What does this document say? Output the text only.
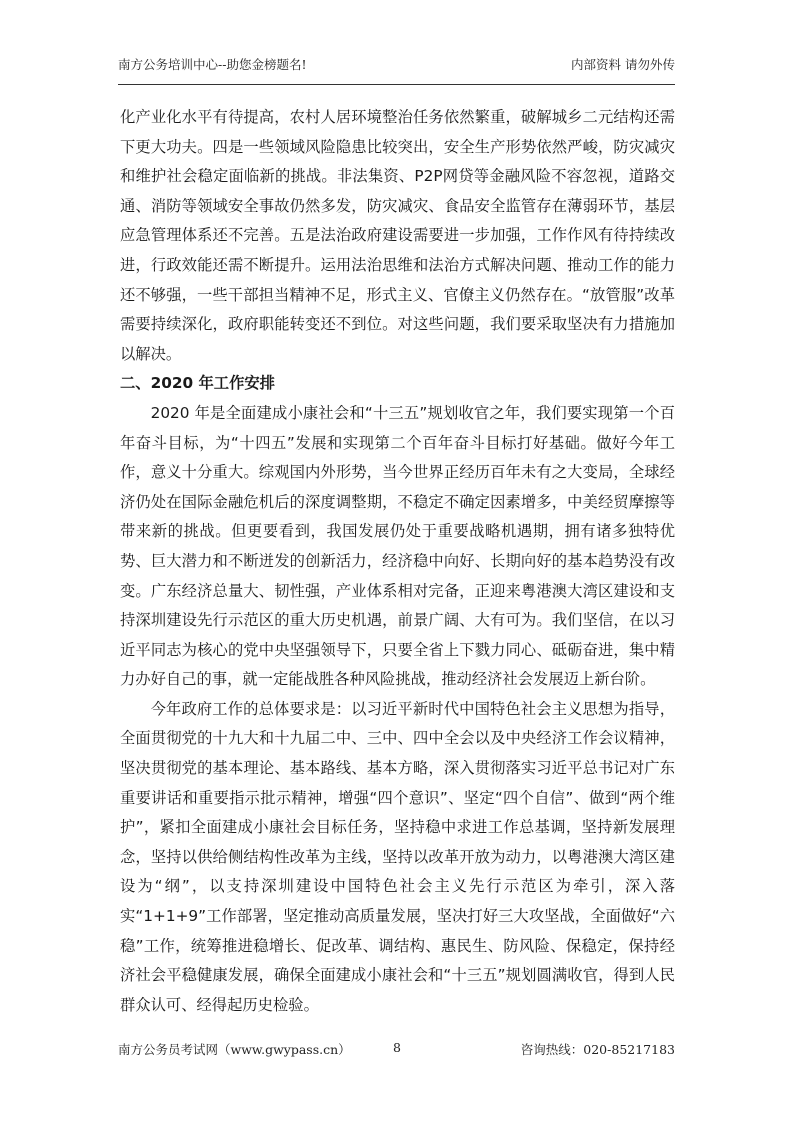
南方公务培训中心--助您金榜题名!	内部资料 请勿外传

化产业化水平有待提高，农村人居环境整治任务依然繁重，破解城乡二元结构还需下更大功夫。四是一些领域风险隐患比较突出，安全生产形势依然严峻，防灾减灾和维护社会稳定面临新的挑战。非法集资、P2P网贷等金融风险不容忽视，道路交通、消防等领域安全事故仍然多发，防灾减灾、食品安全监管存在薄弱环节，基层应急管理体系还不完善。五是法治政府建设需要进一步加强，工作作风有待持续改进，行政效能还需不断提升。运用法治思维和法治方式解决问题、推动工作的能力还不够强，一些干部担当精神不足，形式主义、官僚主义仍然存在。“放管服”改革需要持续深化，政府职能转变还不到位。对这些问题，我们要采取坚决有力措施加以解决。

二、2020 年工作安排

2020 年是全面建成小康社会和“十三五”规划收官之年，我们要实现第一个百年奋斗目标，为“十四五”发展和实现第二个百年奋斗目标打好基础。做好今年工作，意义十分重大。综观国内外形势，当今世界正经历百年未有之大变局，全球经济仍处在国际金融危机后的深度调整期，不稳定不确定因素增多，中美经贸摩擦等带来新的挑战。但更要看到，我国发展仍处于重要战略机遇期，拥有诸多独特优势、巨大潜力和不断迸发的创新活力，经济稳中向好、长期向好的基本趋势没有改变。广东经济总量大、韧性强，产业体系相对完备，正迎来粤港澳大湾区建设和支持深圳建设先行示范区的重大历史机遇，前景广阔、大有可为。我们坚信，在以习近平同志为核心的党中央坚强领导下，只要全省上下戮力同心、砥砺奋进，集中精力办好自己的事，就一定能战胜各种风险挑战，推动经济社会发展迈上新台阶。

今年政府工作的总体要求是：以习近平新时代中国特色社会主义思想为指导，全面贯彻党的十九大和十九届二中、三中、四中全会以及中央经济工作会议精神，坚决贯彻党的基本理论、基本路线、基本方略，深入贯彻落实习近平总书记对广东重要讲话和重要指示批示精神，增强“四个意识”、坚定“四个自信”、做到“两个维护”，紧扣全面建成小康社会目标任务，坚持稳中求进工作总基调，坚持新发展理念，坚持以供给侧结构性改革为主线，坚持以改革开放为动力，以粤港澳大湾区建设为“纲”，以支持深圳建设中国特色社会主义先行示范区为牵引，深入落实“1+1+9”工作部署，坚定推动高质量发展，坚决打好三大攻坚战，全面做好“六稳”工作，统筹推进稳增长、促改革、调结构、惠民生、防风险、保稳定，保持经济社会平稳健康发展，确保全面建成小康社会和“十三五”规划圆满收官，得到人民群众认可、经得起历史检验。

南方公务员考试网（www.gwypass.cn）	8	咨询热线：020-85217183
